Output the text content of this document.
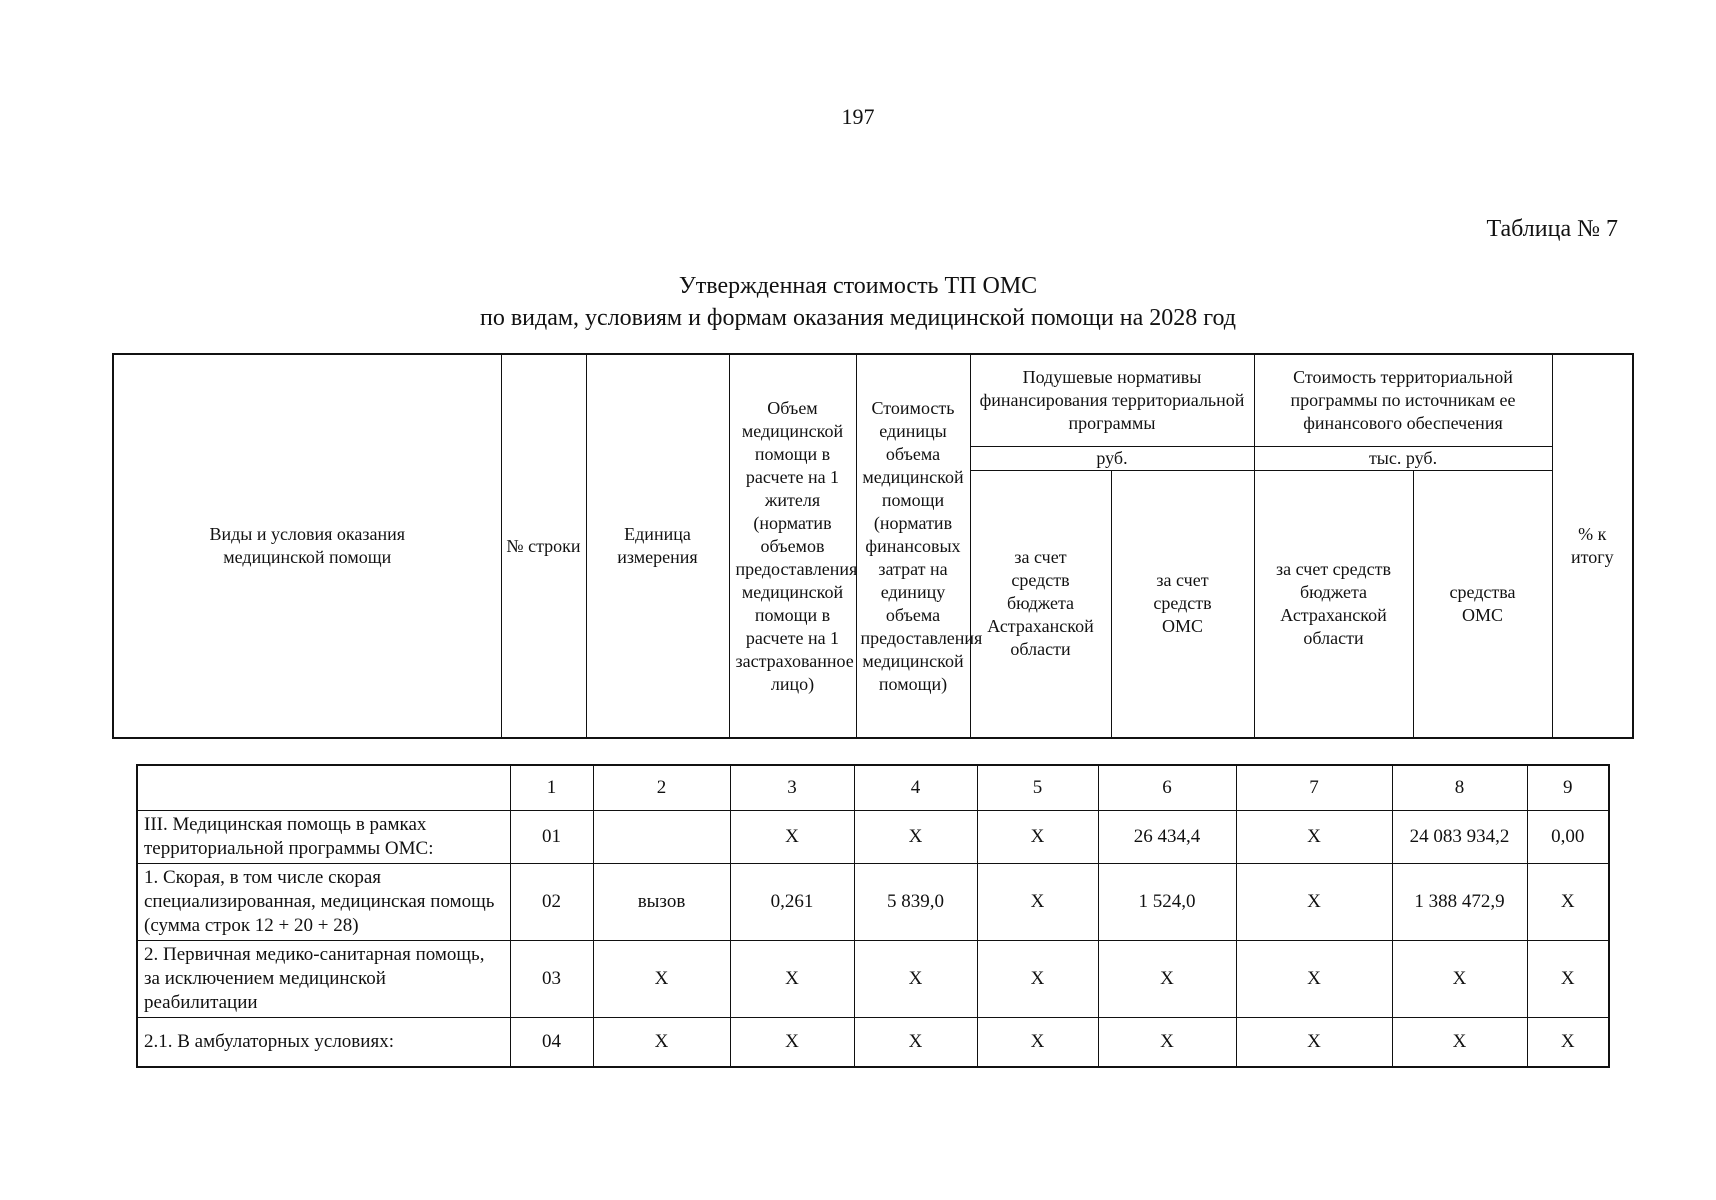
197
Таблица № 7
Утвержденная стоимость ТП ОМС
по видам, условиям и формам оказания медицинской помощи на 2028 год
Виды и условия оказания медицинской помощи	№ строки	Единица измерения	Объем медицинской помощи в расчете на 1 жителя (норматив объемов предоставления медицинской помощи в расчете на 1 застрахованное лицо)	Стоимость единицы объема медицинской помощи (норматив финансовых затрат на единицу объема предоставления медицинской помощи)	Подушевые нормативы финансирования территориальной программы		Стоимость территориальной программы по источникам ее финансового обеспечения		% к итогу
					руб.		тыс. руб.		
					за счет средств бюджета Астраханской области	за счет средств ОМС	за счет средств бюджета Астраханской области	средства ОМС	
	1	2	3	4	5	6	7	8	9
III. Медицинская помощь в рамках территориальной программы ОМС:	01		Х	Х	Х	26 434,4	Х	24 083 934,2	0,00
1. Скорая, в том числе скорая специализированная, медицинская помощь (сумма строк 12 + 20 + 28)	02	вызов	0,261	5 839,0	Х	1 524,0	Х	1 388 472,9	Х
2. Первичная медико-санитарная помощь, за исключением медицинской реабилитации	03	Х	Х	Х	Х	Х	Х	Х	Х
2.1. В амбулаторных условиях:	04	Х	Х	Х	Х	Х	Х	Х	Х
